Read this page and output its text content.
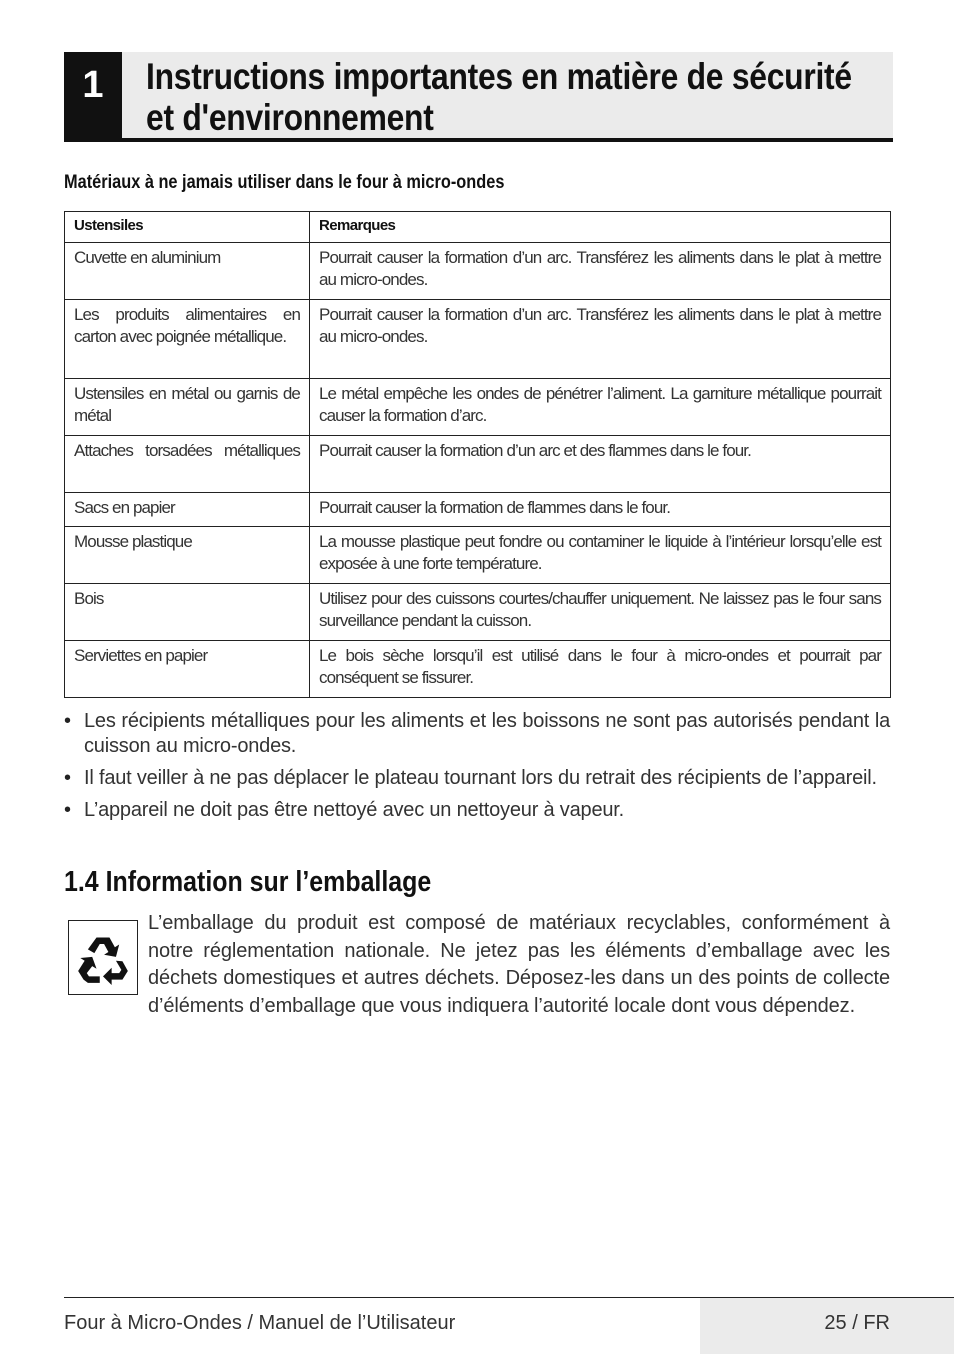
1	Instructions importantes en matière de sécurité et d'environnement
Matériaux à ne jamais utiliser dans le four à micro-ondes
Ustensiles	Remarques
Cuvette en aluminium	Pourrait causer la formation d’un arc. Transférez les aliments dans le plat à mettre au micro-ondes.
Les produits alimentaires en carton avec poignée métallique.	Pourrait causer la formation d’un arc. Transférez les aliments dans le plat à mettre au micro-ondes.
Ustensiles en métal ou garnis de métal	Le métal empêche les ondes de pénétrer l’aliment. La garniture métallique pourrait causer la formation d’arc.
Attaches torsadées métalliques	Pourrait causer la formation d’un arc et des flammes dans le four.
Sacs en papier	Pourrait causer la formation de flammes dans le four.
Mousse plastique	La mousse plastique peut fondre ou contaminer le liquide à l’intérieur lorsqu’elle est exposée à une forte température.
Bois	Utilisez pour des cuissons courtes/chauffer uniquement. Ne laissez pas le four sans surveillance pendant la cuisson.
Serviettes en papier	Le bois sèche lorsqu’il est utilisé dans le four à micro-ondes et pourrait par conséquent se fissurer.
• Les récipients métalliques pour les aliments et les boissons ne sont pas autorisés pendant la cuisson au micro-ondes.
• Il faut veiller à ne pas déplacer le plateau tournant lors du retrait des récipients de l’appareil.
• L’appareil ne doit pas être nettoyé avec un nettoyeur à vapeur.
1.4 Information sur l’emballage
L’emballage du produit est composé de matériaux recyclables, conformément à notre réglementation nationale. Ne jetez pas les éléments d’emballage avec les déchets domestiques et autres déchets. Déposez-les dans un des points de collecte d’éléments d’emballage que vous indiquera l’autorité locale dont vous dépendez.
Four à Micro-Ondes / Manuel de l’Utilisateur	25 / FR
